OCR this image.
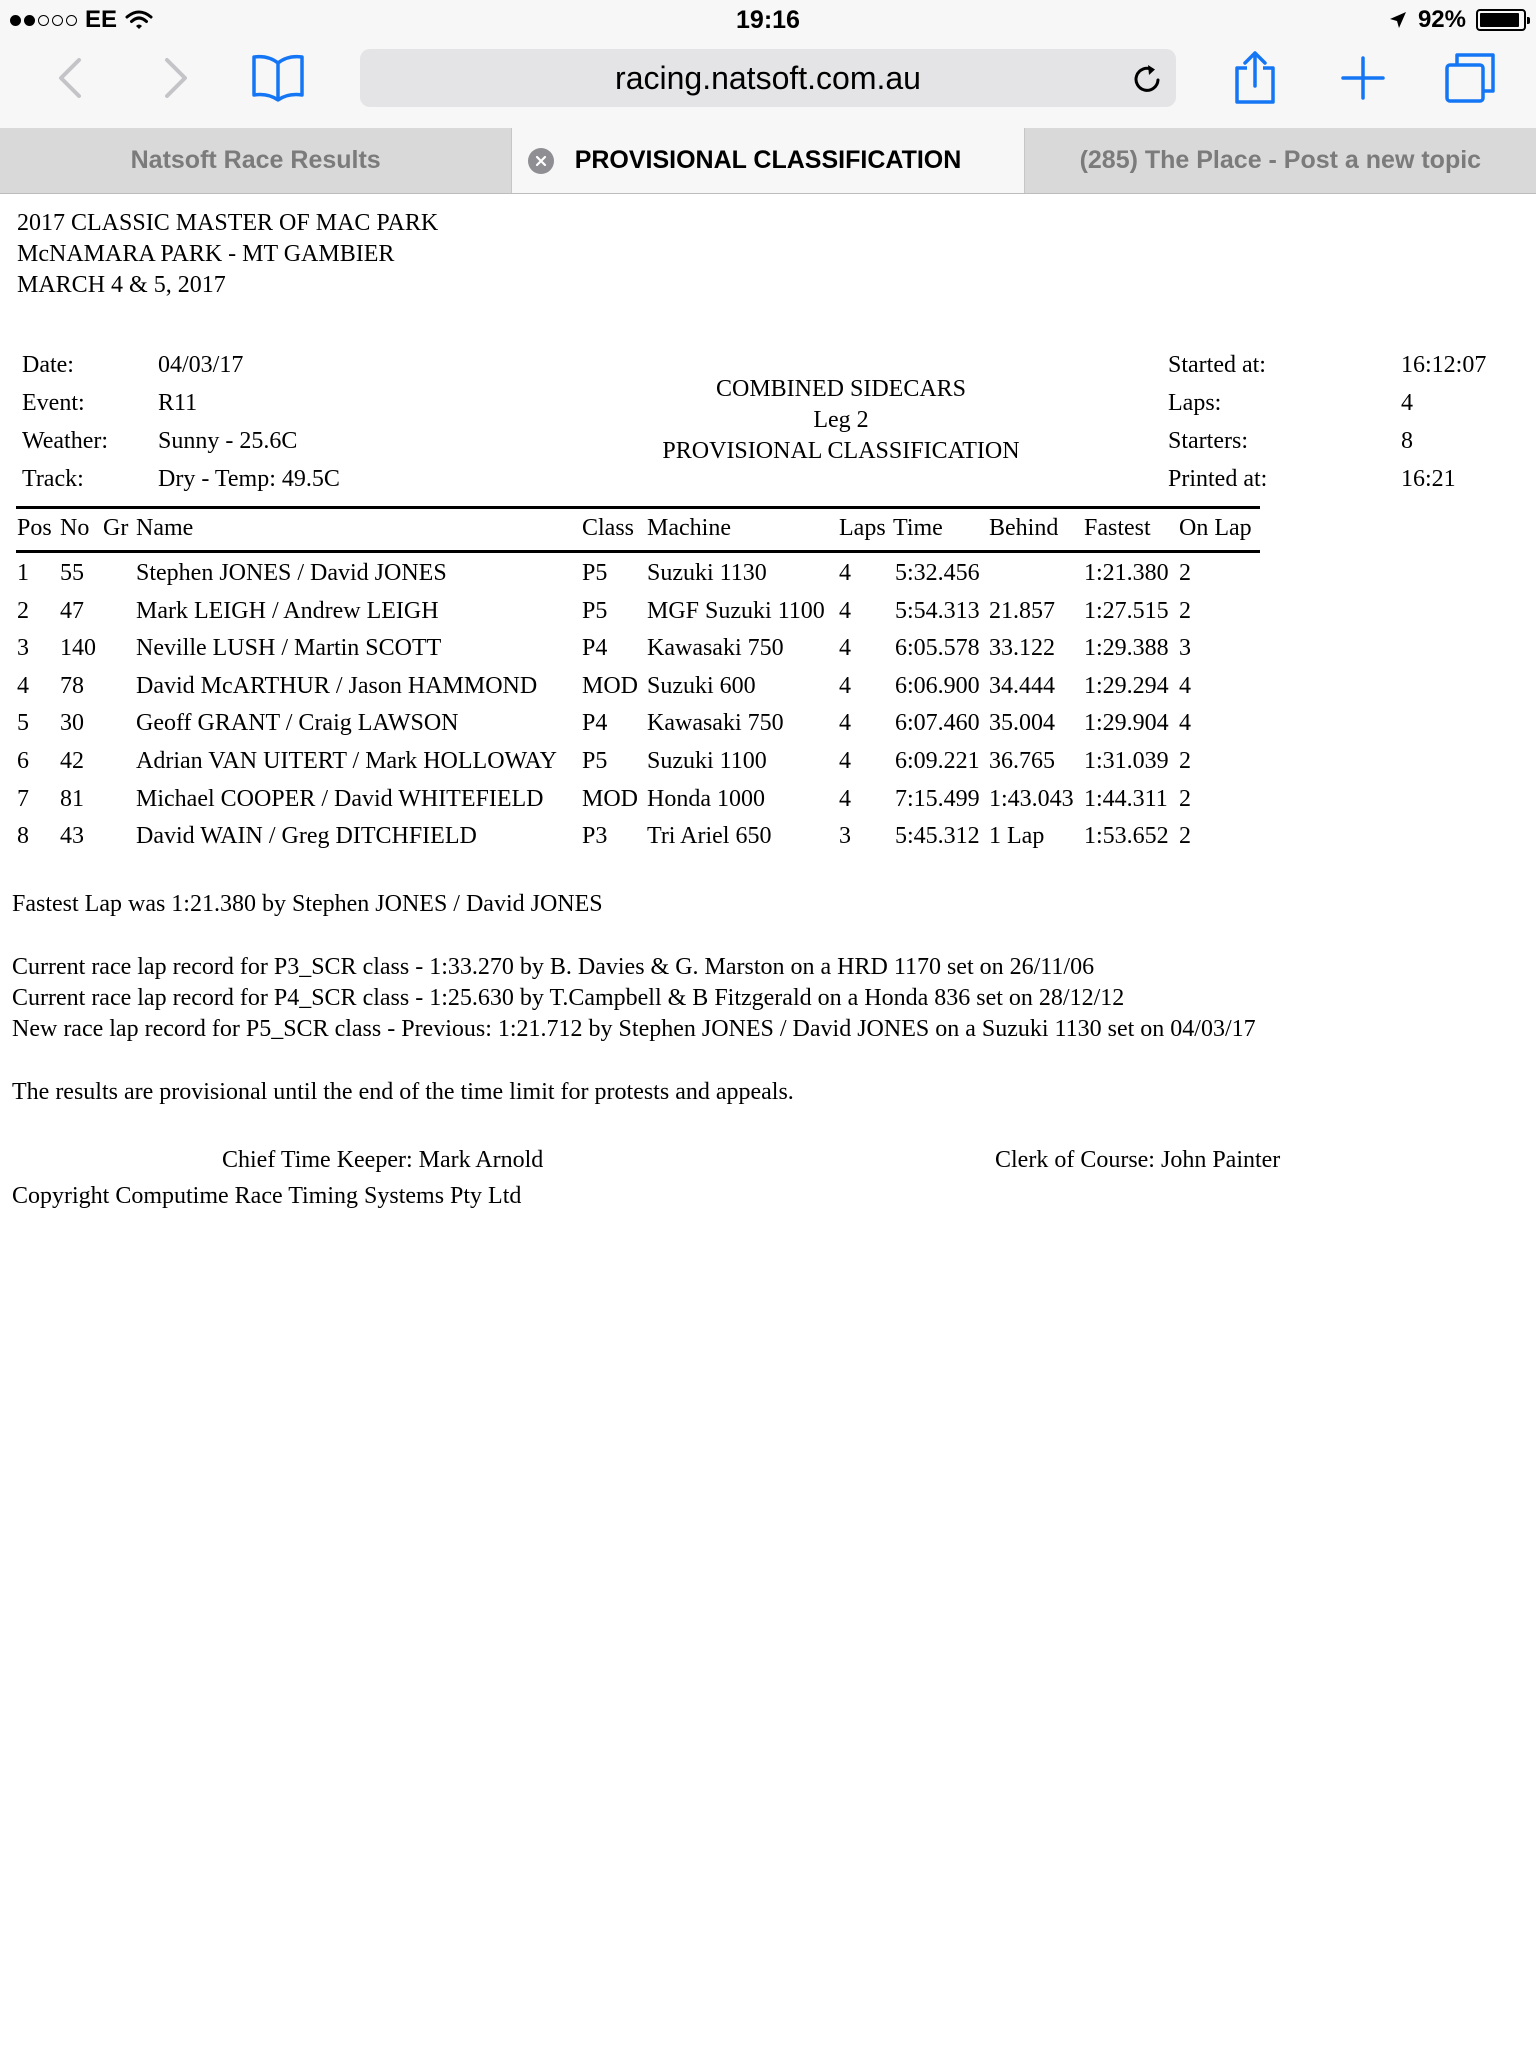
EE	19:16	92%
racing.natsoft.com.au
Natsoft Race Results	PROVISIONAL CLASSIFICATION	(285) The Place - Post a new topic
2017 CLASSIC MASTER OF MAC PARK
McNAMARA PARK - MT GAMBIER
MARCH 4 & 5, 2017
Date:	04/03/17
Event:	R11
Weather: Sunny - 25.6C
Track:	Dry - Temp: 49.5C
COMBINED SIDECARS
Leg 2
PROVISIONAL CLASSIFICATION
Started at:	16:12:07
Laps:	4
Starters:	8
Printed at:	16:21
Pos No Gr Name	Class Machine	Laps Time Behind Fastest On Lap
1 55 Stephen JONES / David JONES	P5 Suzuki 1130	4 5:32.456	1:21.380 2
2 47 Mark LEIGH / Andrew LEIGH	P5 MGF Suzuki 1100 4 5:54.313 21.857 1:27.515 2
3 140 Neville LUSH / Martin SCOTT	P4 Kawasaki 750 4 6:05.578 33.122 1:29.388 3
4 78 David McARTHUR / Jason HAMMOND MOD Suzuki 600	4 6:06.900 34.444 1:29.294 4
5 30 Geoff GRANT / Craig LAWSON	P4 Kawasaki 750 4 6:07.460 35.004 1:29.904 4
6 42 Adrian VAN UITERT / Mark HOLLOWAY P5 Suzuki 1100	4 6:09.221 36.765 1:31.039 2
7 81 Michael COOPER / David WHITEFIELD MOD Honda 1000	4 7:15.499 1:43.043 1:44.311 2
8 43 David WAIN / Greg DITCHFIELD	P3 Tri Ariel 650	3 5:45.312 1 Lap 1:53.652 2
Fastest Lap was 1:21.380 by Stephen JONES / David JONES
Current race lap record for P3_SCR class - 1:33.270 by B. Davies & G. Marston on a HRD 1170 set on 26/11/06
Current race lap record for P4_SCR class - 1:25.630 by T.Campbell & B Fitzgerald on a Honda 836 set on 28/12/12
New race lap record for P5_SCR class - Previous: 1:21.712 by Stephen JONES / David JONES on a Suzuki 1130 set on 04/03/17
The results are provisional until the end of the time limit for protests and appeals.
Chief Time Keeper: Mark Arnold	Clerk of Course: John Painter
Copyright Computime Race Timing Systems Pty Ltd
